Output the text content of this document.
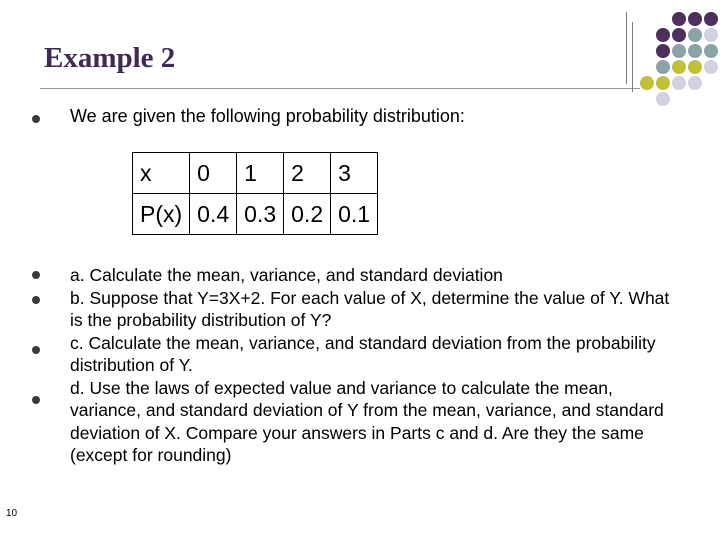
Example 2
We are given the following probability distribution:
x	0	1	2	3
P(x)	0.4	0.3	0.2	0.1

a. Calculate the mean, variance, and standard deviation

b. Suppose that Y=3X+2. For each value of X, determine the value of Y. What is the probability distribution of Y?

c. Calculate the mean, variance, and standard deviation from the probability distribution of Y.

d. Use the laws of expected value and variance to calculate the mean, variance, and standard deviation of Y from the mean, variance, and standard deviation of X. Compare your answers in Parts c and d. Are they the same (except for rounding)

10
